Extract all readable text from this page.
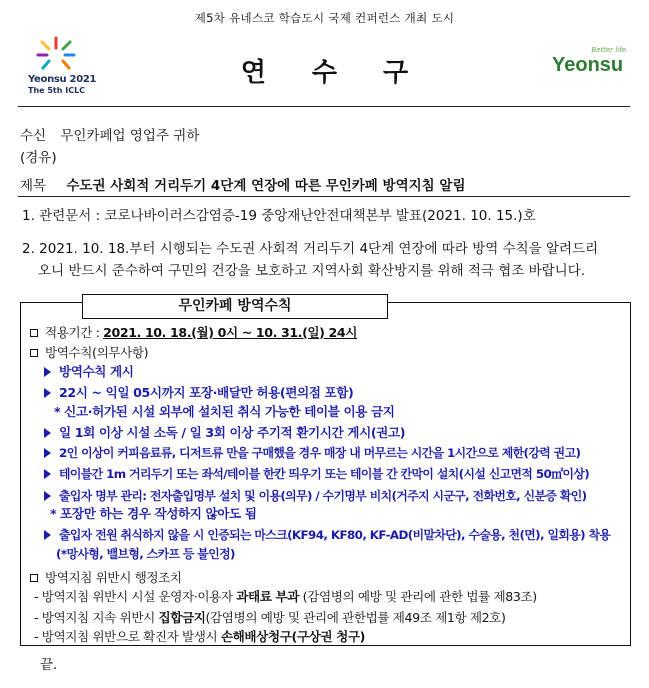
제5차 유네스코 학습도시 국제 컨퍼런스 개최 도시
Yeonsu 2021
The 5th ICLC
연수구
Better life
Yeonsu
수신 무인카페업 영업주 귀하
(경유)
제목 수도권 사회적 거리두기 4단계 연장에 따른 무인카페 방역지침 알림
1. 관련문서 : 코로나바이러스감염증-19 중앙재난안전대책본부 발표(2021. 10. 15.)호
2. 2021. 10. 18.부터 시행되는 수도권 사회적 거리두기 4단계 연장에 따라 방역 수칙을 알려드리
오니 반드시 준수하여 구민의 건강을 보호하고 지역사회 확산방지를 위해 적극 협조 바랍니다.
무인카페 방역수칙
적용기간 : 2021. 10. 18.(월) 0시 ~ 10. 31.(일) 24시
방역수칙(의무사항)
방역수칙 게시
22시 ~ 익일 05시까지 포장·배달만 허용(편의점 포함)
* 신고·허가된 시설 외부에 설치된 취식 가능한 테이블 이용 금지
일 1회 이상 시설 소독 / 일 3회 이상 주기적 환기시간 게시(권고)
2인 이상이 커피음료류, 디저트류 만을 구매했을 경우 매장 내 머무르는 시간을 1시간으로 제한(강력 권고)
테이블간 1m 거리두기 또는 좌석/테이블 한칸 띄우기 또는 테이블 간 칸막이 설치(시설 신고면적 50㎡이상)
출입자 명부 관리: 전자출입명부 설치 및 이용(의무) / 수기명부 비치(거주지 시군구, 전화번호, 신분증 확인)
* 포장만 하는 경우 작성하지 않아도 됨
출입자 전원 취식하지 않을 시 인증되는 마스크(KF94, KF80, KF-AD(비말차단), 수술용, 천(면), 일회용) 착용
(*망사형, 밸브형, 스카프 등 불인정)
방역지침 위반시 행정조치
- 방역지침 위반시 시설 운영자·이용자 과태료 부과 (감염병의 예방 및 관리에 관한 법률 제83조)
- 방역지침 지속 위반시 집합금지(감염병의 예방 및 관리에 관한법률 제49조 제1항 제2호)
- 방역지침 위반으로 확진자 발생시 손해배상청구(구상권 청구)
끝.
